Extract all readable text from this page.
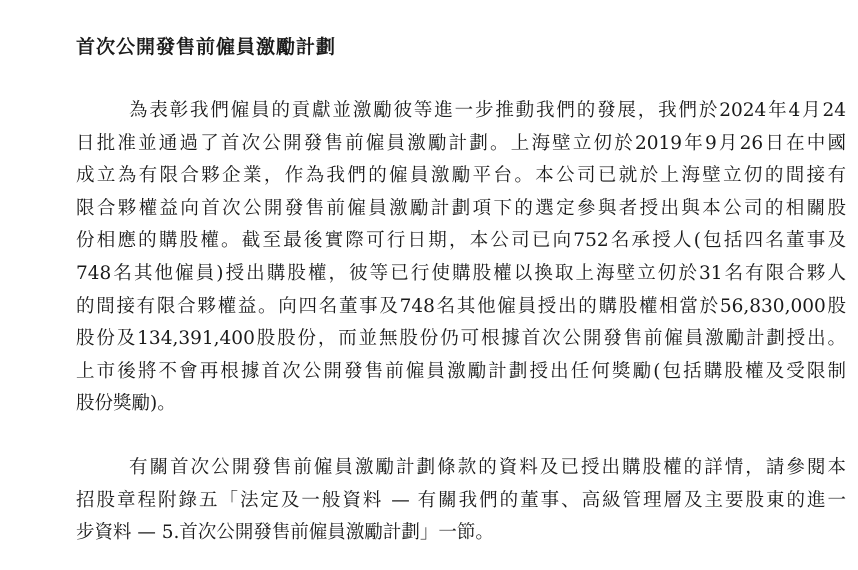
首次公開發售前僱員激勵計劃
為表彰我們僱員的貢獻並激勵彼等進一步推動我們的發展，我們於2024年4月24
日批准並通過了首次公開發售前僱員激勵計劃。上海壁立仞於2019年9月26日在中國
成立為有限合夥企業，作為我們的僱員激勵平台。本公司已就於上海壁立仞的間接有
限合夥權益向首次公開發售前僱員激勵計劃項下的選定參與者授出與本公司的相關股
份相應的購股權。截至最後實際可行日期，本公司已向752名承授人(包括四名董事及
748名其他僱員)授出購股權，彼等已行使購股權以換取上海壁立仞於31名有限合夥人
的間接有限合夥權益。向四名董事及748名其他僱員授出的購股權相當於56,830,000股
股份及134,391,400股股份，而並無股份仍可根據首次公開發售前僱員激勵計劃授出。
上市後將不會再根據首次公開發售前僱員激勵計劃授出任何獎勵(包括購股權及受限制
股份獎勵)。
有關首次公開發售前僱員激勵計劃條款的資料及已授出購股權的詳情，請參閱本
招股章程附錄五「法定及一般資料 — 有關我們的董事、高級管理層及主要股東的進一
步資料 — 5.首次公開發售前僱員激勵計劃」一節。
